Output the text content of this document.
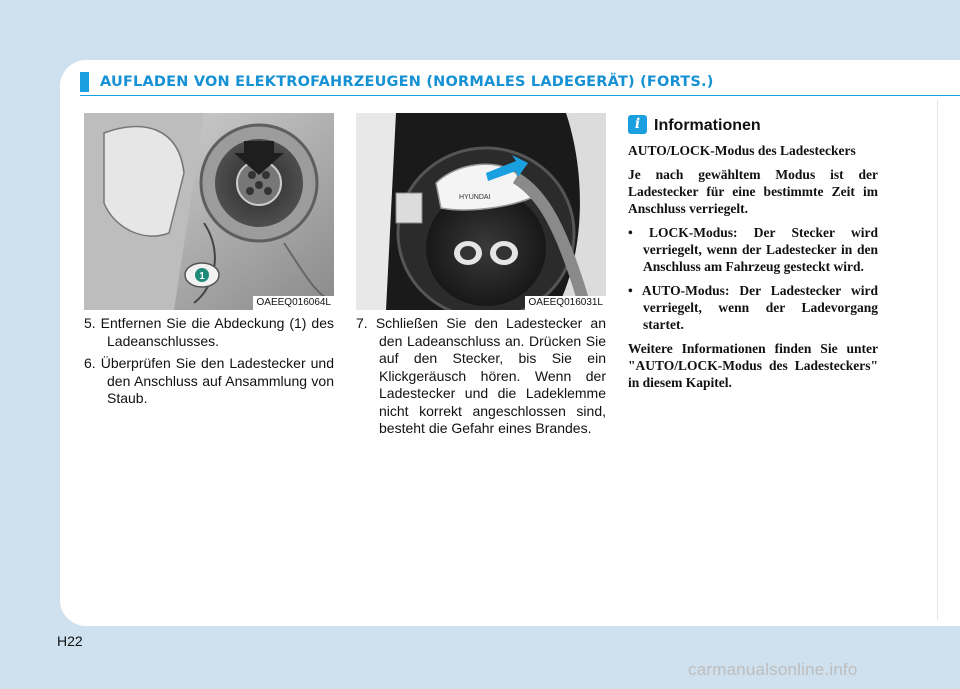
AUFLADEN VON ELEKTROFAHRZEUGEN (NORMALES LADEGERÄT) (FORTS.)
1
OAEEQ016064L
HYUNDAI
OAEEQ016031L

5. Entfernen Sie die Abdeckung (1) des Ladeanschlusses.

6. Überprüfen Sie den Ladestecker und den Anschluss auf Ansammlung von Staub.

7. Schließen Sie den Ladestecker an den Ladeanschluss an. Drücken Sie auf den Stecker, bis Sie ein Klickgeräusch hören. Wenn der Ladestecker und die Ladeklemme nicht korrekt angeschlossen sind, besteht die Gefahr eines Brandes.

i Informationen

AUTO/LOCK-Modus des Ladesteckers

Je nach gewähltem Modus ist der Ladestecker für eine bestimmte Zeit im Anschluss verriegelt.

• LOCK-Modus: Der Stecker wird verriegelt, wenn der Ladestecker in den Anschluss am Fahrzeug gesteckt wird.

• AUTO-Modus: Der Ladestecker wird verriegelt, wenn der Ladevorgang startet.

Weitere Informationen finden Sie unter "AUTO/LOCK-Modus des Ladesteckers" in diesem Kapitel.

H22
carmanualsonline.info
